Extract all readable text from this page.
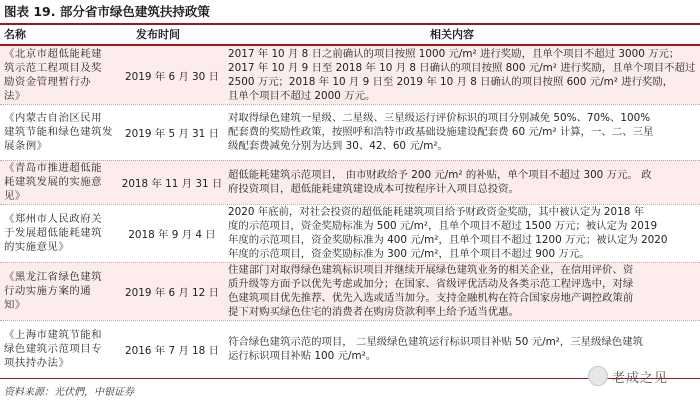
图表 19. 部分省市绿色建筑扶持政策
名称	发布时间	相关内容
《北京市超低能耗建
筑示范工程项目及奖
励资金管理暂行办
法》
2019 年 6 月 30 日
2017 年 10 月 8 日之前确认的项目按照 1000 元/m² 进行奖励，且单个项目不超过 3000 万元；
2017 年 10 月 9 日至 2018 年 10 月 8 日确认的项目按照 800 元/m² 进行奖励，且单个项目不超过
2500 万元；2018 年 10 月 9 日至 2019 年 10 月 8 日确认的项目按照 600 元/m² 进行奖励，
且单个项目不超过 2000 万元。
《内蒙古自治区民用
建筑节能和绿色建筑发
展条例》
2019 年 5 月 31 日
对取得绿色建筑一星级、二星级、三星级运行评价标识的项目分别减免 50%、70%、100%
配套费的奖励性政策，按照呼和浩特市政基础设施建设配套费 60 元/m² 计算，一、二、三星
级配套费减免分别为达到 30、42、60 元/m²。
《青岛市推进超低能
耗建筑发展的实施意
见》
2018 年 11 月 31 日
超低能耗建筑示范项目， 由市财政给予 200 元/m² 的补贴，单个项目不超过 300 万元。 政
府投资项目，超低能耗建筑建设成本可按程序计入项目总投资。
《郑州市人民政府关
于发展超低能耗建筑
的实施意见》
2018 年 9 月 4 日
2020 年底前，对社会投资的超低能耗建筑项目给予财政资金奖励，其中被认定为 2018 年
度的示范项目，资金奖励标准为 500 元/m²，且单个项目不超过 1500 万元；被认定为 2019
年度的示范项目，资金奖励标准为 400 元/m²，且单个项目不超过 1200 万元；被认定为 2020
年度的示范项目，资金奖励标准为 300 元/m²，且单个项目不超过 900 万元。
《黑龙江省绿色建筑
行动实施方案的通
知》
2019 年 6 月 12 日
住建部门对取得绿色建筑标识项目并继续开展绿色建筑业务的相关企业，在信用评价、资
质升级等方面予以优先考虑或加分；在国家、省级评优活动及各类示范工程评选中，对绿
色建筑项目优先推荐、优先入选或适当加分。支持金融机构在符合国家房地产调控政策前
提下对购买绿色住宅的消费者在购房贷款利率上给予适当优惠。
《上海市建筑节能和
绿色建筑示范项目专
项扶持办法》
2016 年 7 月 18 日
符合绿色建筑示范的项目， 二星级绿色建筑运行标识项目补贴 50 元/m²，三星级绿色建筑
运行标识项目补贴 100 元/m²。
资料来源：光伏們，中银证券
老成之见
